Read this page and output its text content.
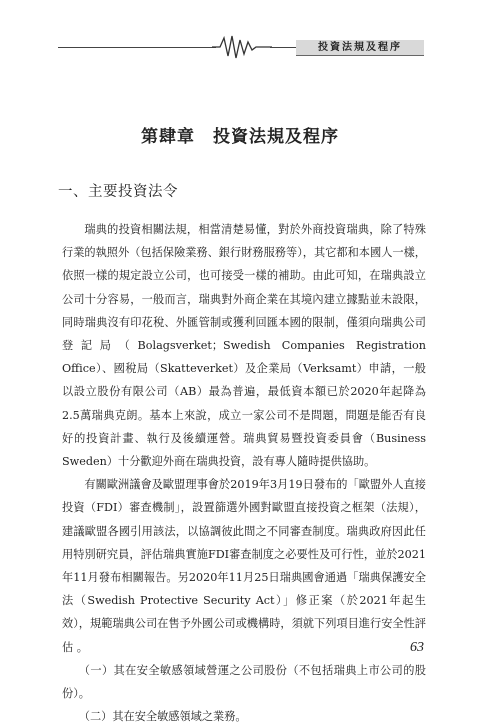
投資法規及程序
第肆章　投資法規及程序
一、主要投資法令

瑞典的投資相關法規，相當清楚易懂，對於外商投資瑞典，除了特殊行業的執照外（包括保險業務、銀行財務服務等），其它都和本國人一樣，依照一樣的規定設立公司，也可接受一樣的補助。由此可知，在瑞典設立公司十分容易，一般而言，瑞典對外商企業在其境內建立據點並未設限，同時瑞典沒有印花稅、外匯管制或獲利回匯本國的限制，僅須向瑞典公司登記局（Bolagsverket；Swedish Companies Registration Office）、國稅局（Skatteverket）及企業局（Verksamt）申請，一般以設立股份有限公司（AB）最為普遍，最低資本額已於2020年起降為2.5萬瑞典克朗。基本上來說，成立一家公司不是問題，問題是能否有良好的投資計畫、執行及後續運營。瑞典貿易暨投資委員會（Business Sweden）十分歡迎外商在瑞典投資，設有專人隨時提供協助。

有關歐洲議會及歐盟理事會於2019年3月19日發布的「歐盟外人直接投資（FDI）審查機制」，設置篩選外國對歐盟直接投資之框架（法規），建議歐盟各國引用該法，以協調彼此間之不同審查制度。瑞典政府因此任用特別研究員，評估瑞典實施FDI審查制度之必要性及可行性，並於2021年11月發布相關報告。另2020年11月25日瑞典國會通過「瑞典保護安全法（Swedish Protective Security Act）」修正案（於2021年起生效），規範瑞典公司在售予外國公司或機構時，須就下列項目進行安全性評估 。

（一）其在安全敏感領域營運之公司股份（不包括瑞典上市公司的股份）。

（二）其在安全敏感領域之業務。

63
